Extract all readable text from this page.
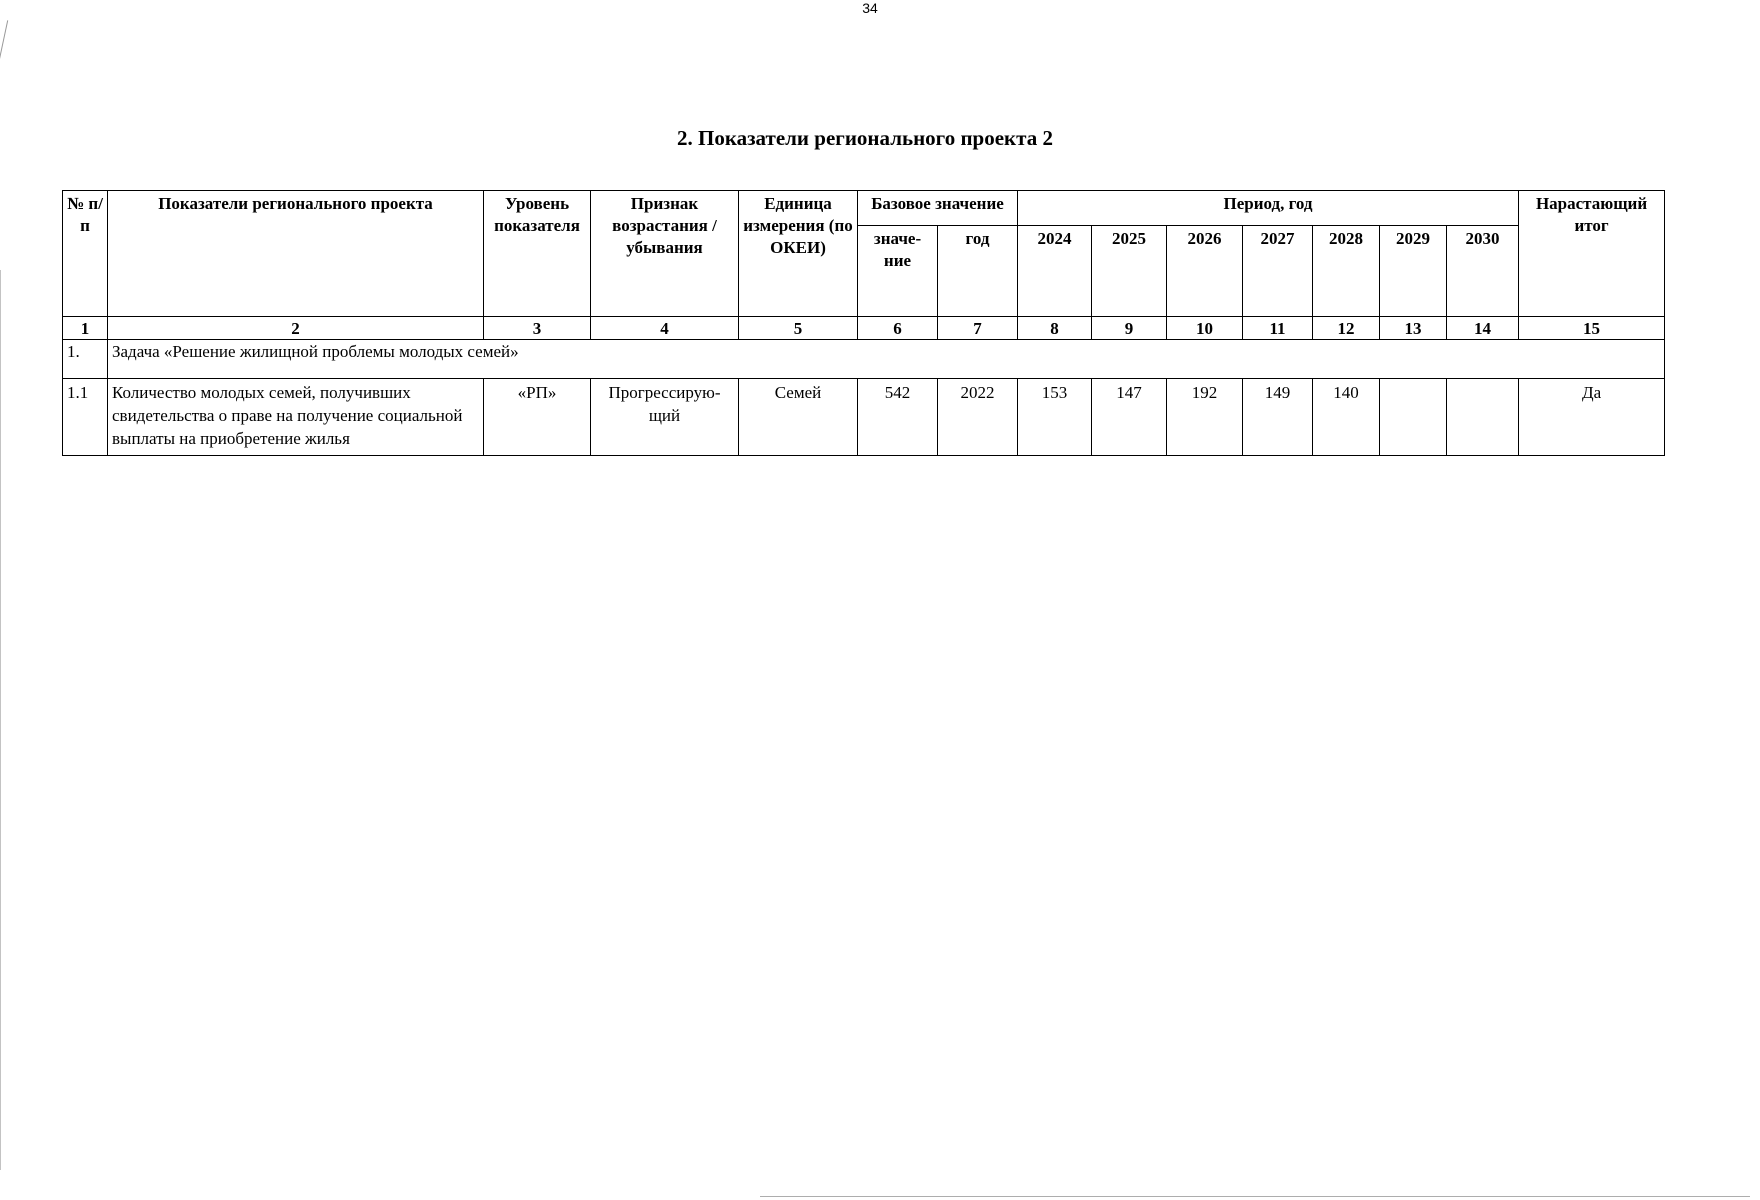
34
2. Показатели регионального проекта 2
№ п/п	Показатели регионального проекта	Уровень показателя	Признак возрастания / убывания	Единица измерения (по ОКЕИ)	Базовое значение		Период, год							Нарастающий итог
					значе-ние	год	2024	2025	2026	2027	2028	2029	2030	
1	2	3	4	5	6	7	8	9	10	11	12	13	14	15
1.	Задача «Решение жилищной проблемы молодых семей»													
1.1	Количество молодых семей, получивших свидетельства о праве на получение социальной выплаты на приобретение жилья	«РП»	Прогрессирую-щий	Семей	542	2022	153	147	192	149	140			Да
